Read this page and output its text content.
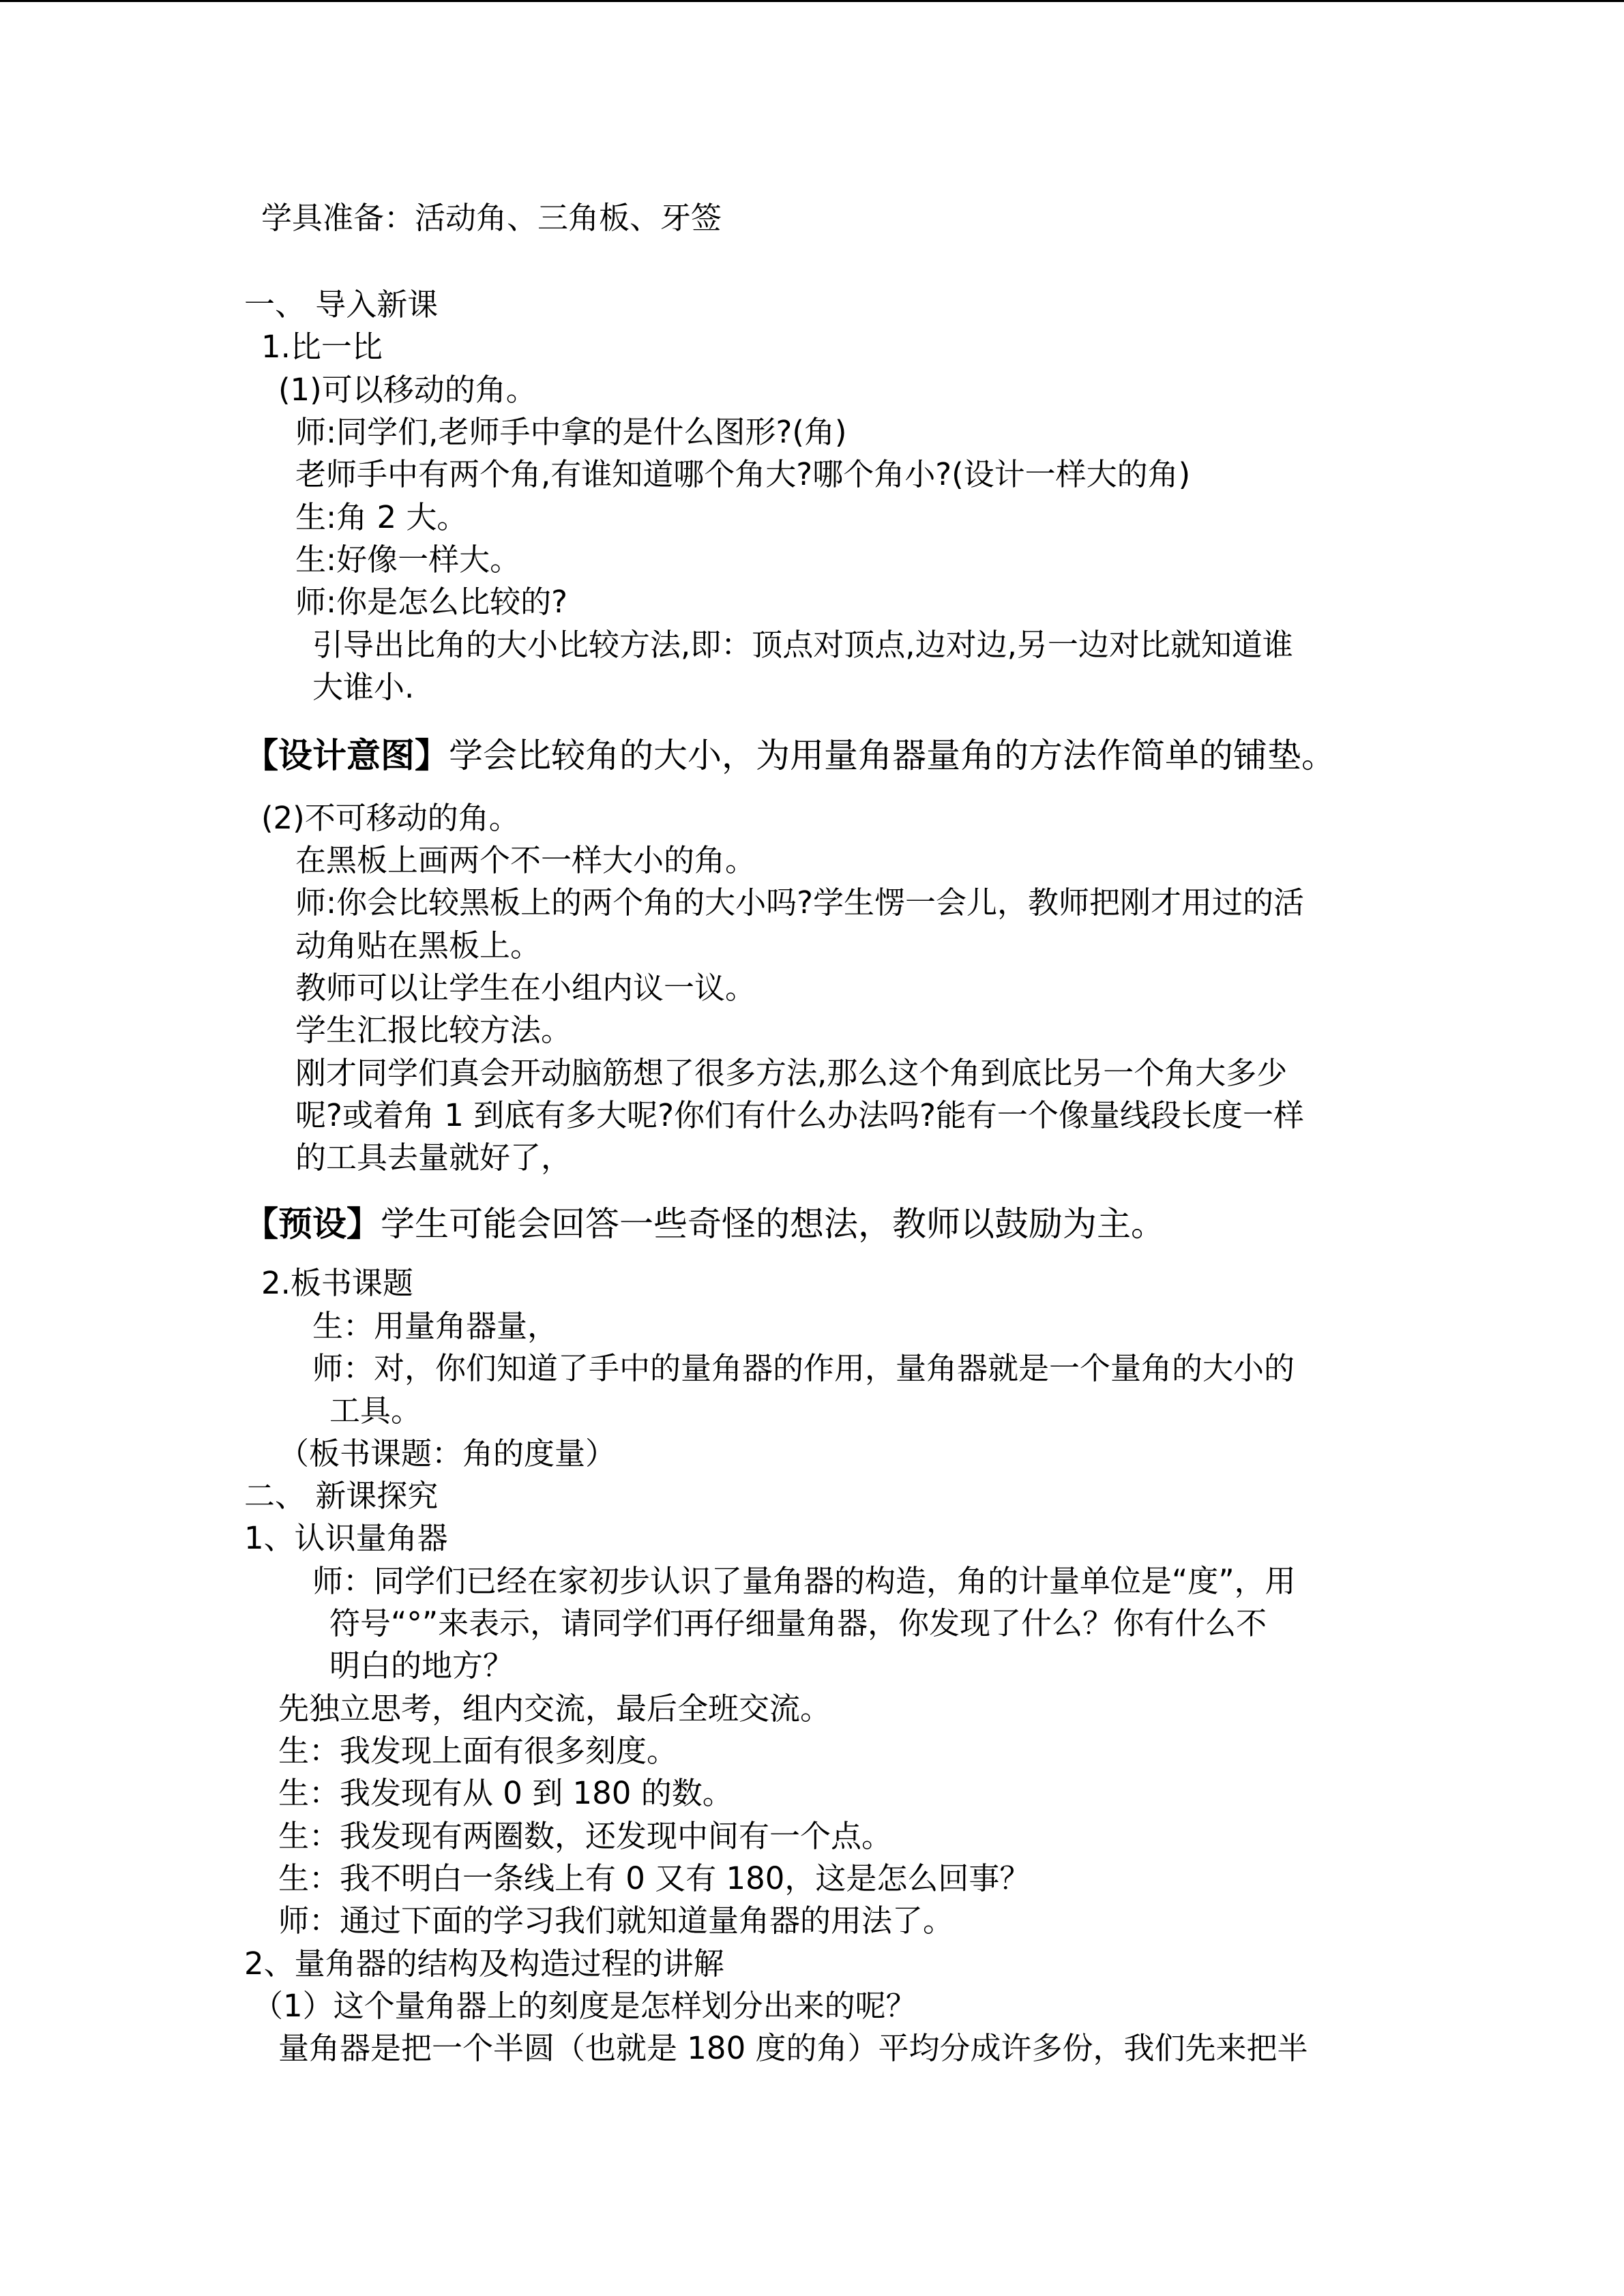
学具准备：活动角、三角板、牙签
一、 导入新课
1.比一比
(1)可以移动的角。
师:同学们,老师手中拿的是什么图形?(角)
老师手中有两个角,有谁知道哪个角大?哪个角小?(设计一样大的角)
生:角 2 大。
生:好像一样大。
师:你是怎么比较的?
引导出比角的大小比较方法,即：顶点对顶点,边对边,另一边对比就知道谁
大谁小.
【设计意图】学会比较角的大小，为用量角器量角的方法作简单的铺垫。
(2)不可移动的角。
在黑板上画两个不一样大小的角。
师:你会比较黑板上的两个角的大小吗?学生愣一会儿，教师把刚才用过的活
动角贴在黑板上。
教师可以让学生在小组内议一议。
学生汇报比较方法。
刚才同学们真会开动脑筋想了很多方法,那么这个角到底比另一个角大多少
呢?或着角 1 到底有多大呢?你们有什么办法吗?能有一个像量线段长度一样
的工具去量就好了，
【预设】学生可能会回答一些奇怪的想法，教师以鼓励为主。
2.板书课题
生：用量角器量，
师：对，你们知道了手中的量角器的作用，量角器就是一个量角的大小的
工具。
（板书课题：角的度量）
二、 新课探究
1、认识量角器
师：同学们已经在家初步认识了量角器的构造，角的计量单位是“度”，用
符号“°”来表示，请同学们再仔细量角器，你发现了什么？你有什么不
明白的地方？
先独立思考，组内交流，最后全班交流。
生：我发现上面有很多刻度。
生：我发现有从 0 到 180 的数。
生：我发现有两圈数，还发现中间有一个点。
生：我不明白一条线上有 0 又有 180，这是怎么回事？
师：通过下面的学习我们就知道量角器的用法了。
2、量角器的结构及构造过程的讲解
（1）这个量角器上的刻度是怎样划分出来的呢？
量角器是把一个半圆（也就是 180 度的角）平均分成许多份，我们先来把半
